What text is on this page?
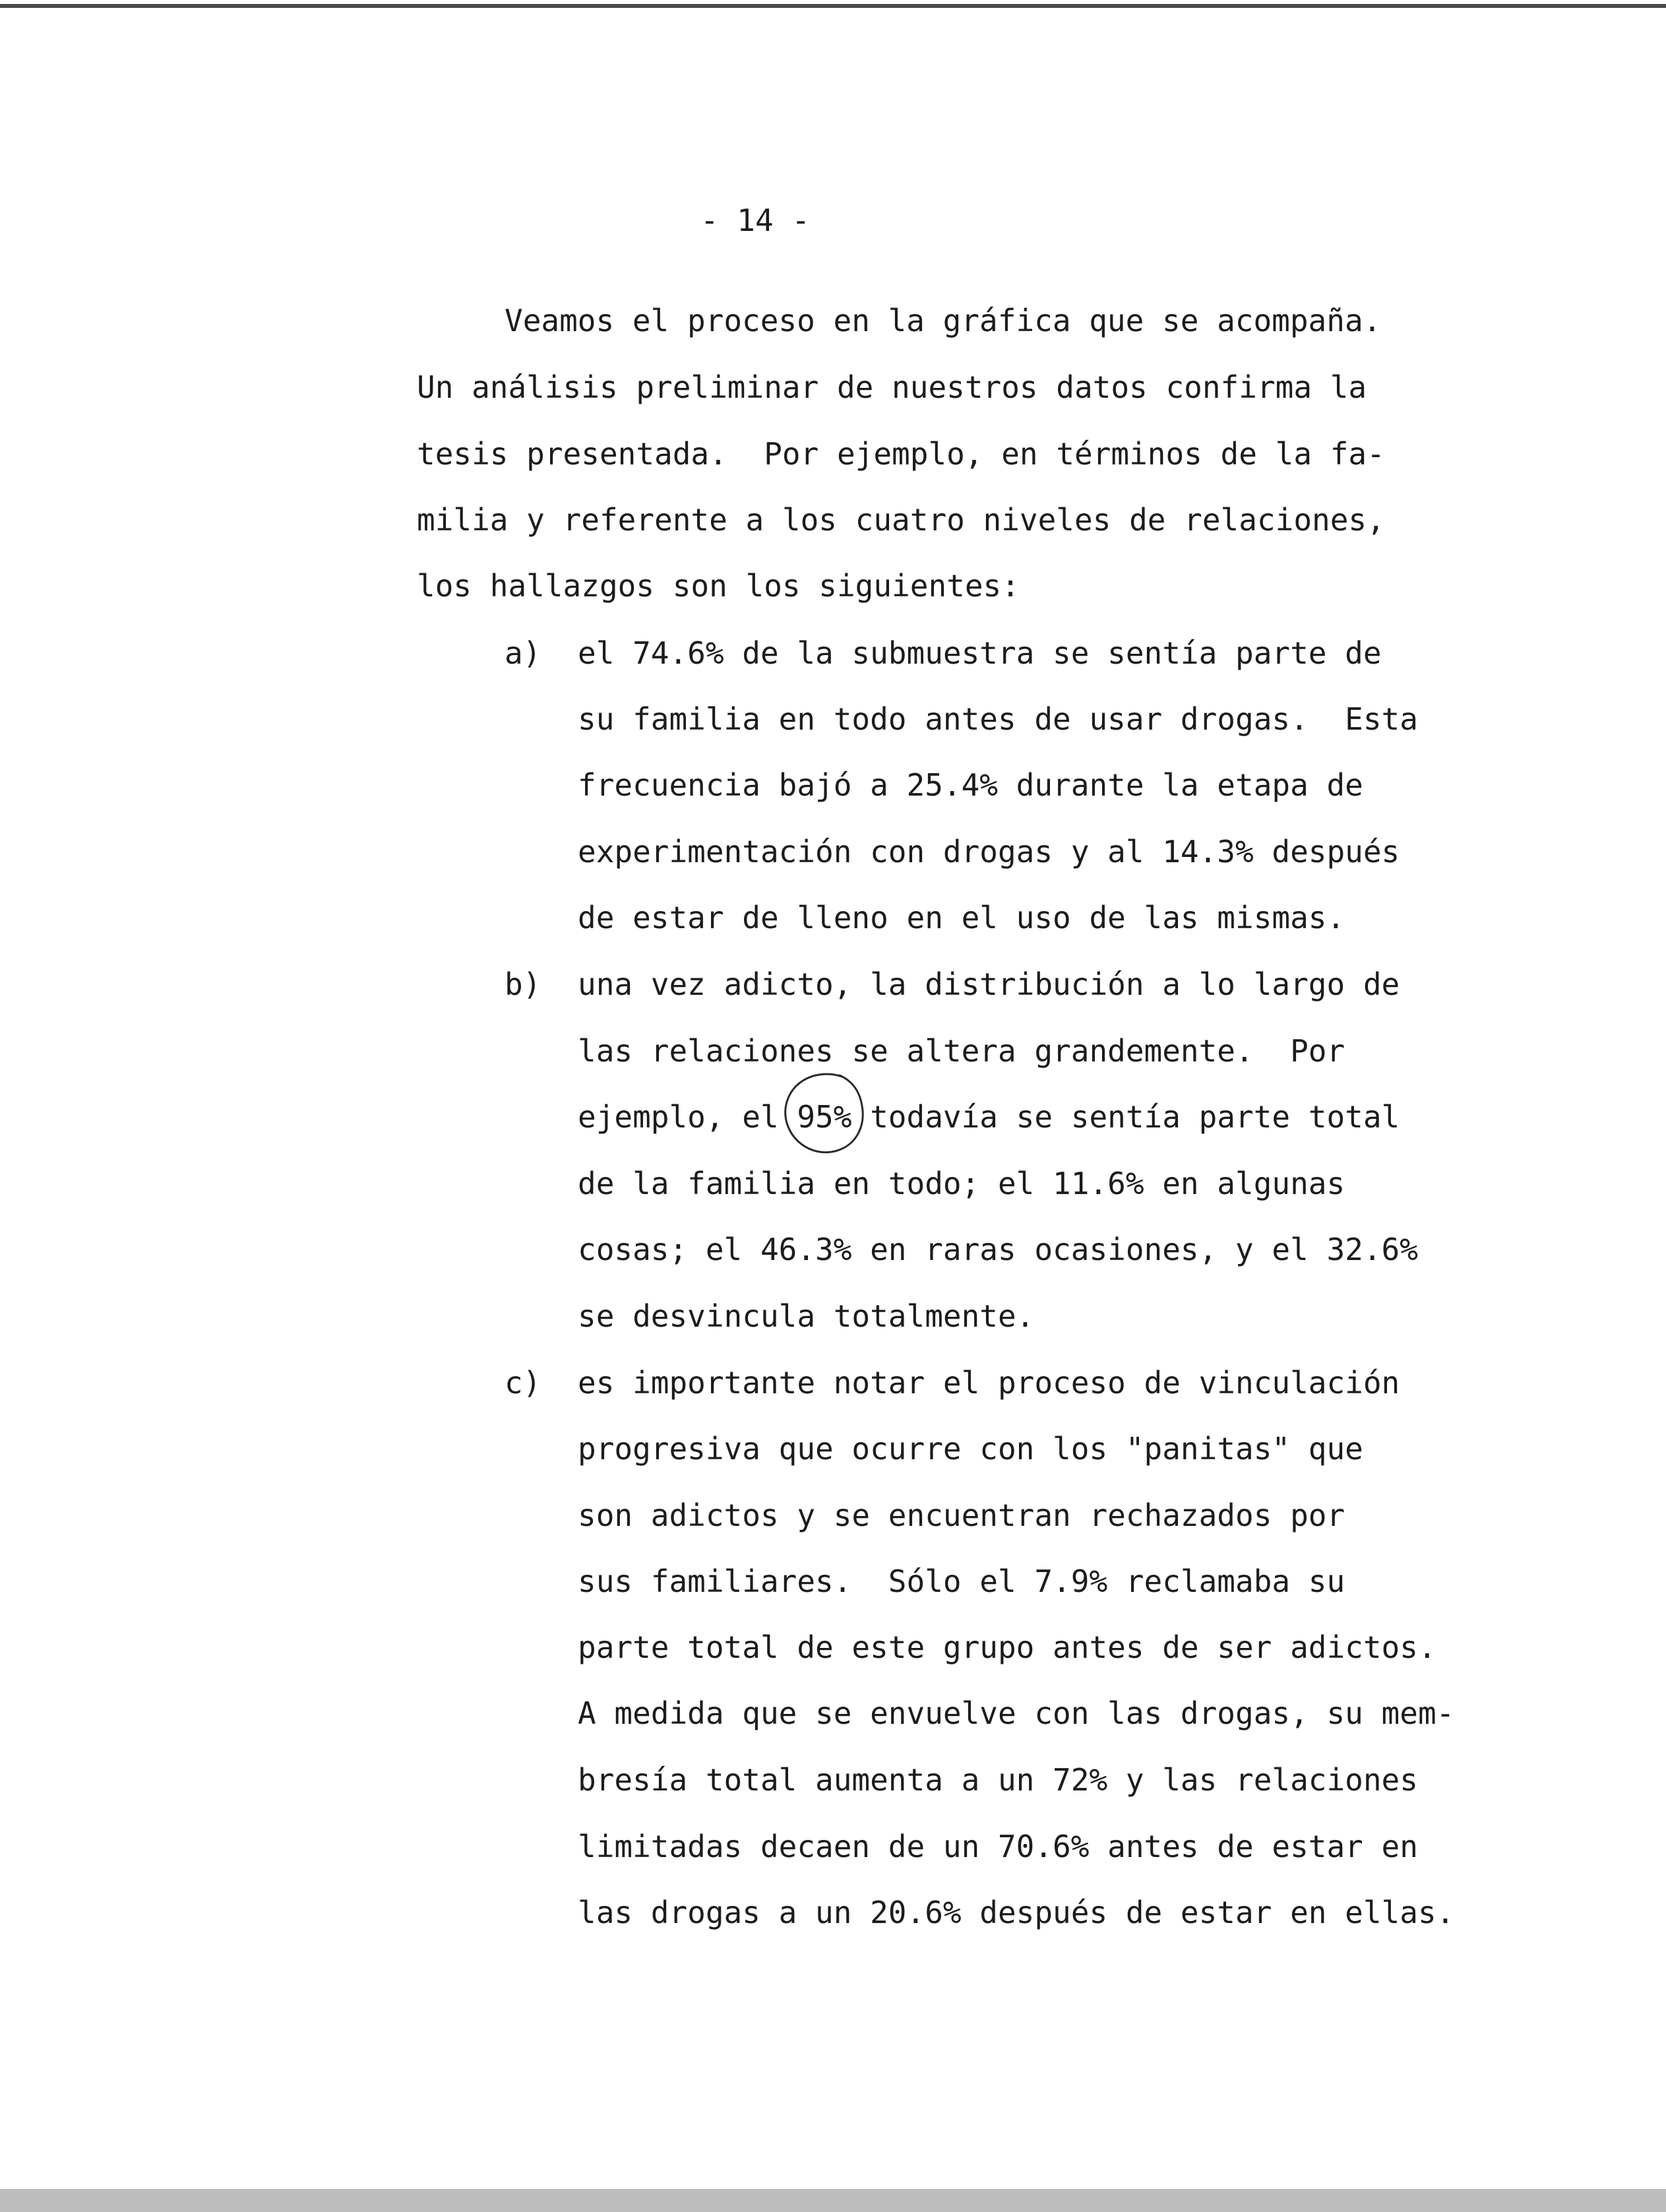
- 14 -
Veamos el proceso en la gráfica que se acompaña.
Un análisis preliminar de nuestros datos confirma la
tesis presentada.  Por ejemplo, en términos de la fa-
milia y referente a los cuatro niveles de relaciones,
los hallazgos son los siguientes:
a) el 74.6% de la submuestra se sentía parte de
su familia en todo antes de usar drogas.  Esta
frecuencia bajó a 25.4% durante la etapa de
experimentación con drogas y al 14.3% después
de estar de lleno en el uso de las mismas.
b) una vez adicto, la distribución a lo largo de
las relaciones se altera grandemente.  Por
ejemplo, el 95% todavía se sentía parte total
de la familia en todo; el 11.6% en algunas
cosas; el 46.3% en raras ocasiones, y el 32.6%
se desvincula totalmente.
c) es importante notar el proceso de vinculación
progresiva que ocurre con los "panitas" que
son adictos y se encuentran rechazados por
sus familiares.  Sólo el 7.9% reclamaba su
parte total de este grupo antes de ser adictos.
A medida que se envuelve con las drogas, su mem-
bresía total aumenta a un 72% y las relaciones
limitadas decaen de un 70.6% antes de estar en
las drogas a un 20.6% después de estar en ellas.
